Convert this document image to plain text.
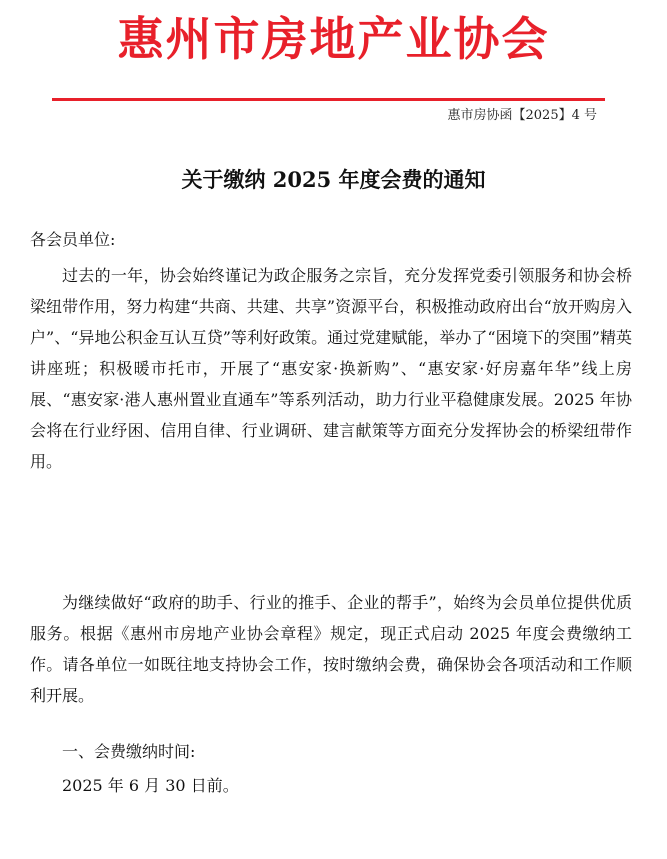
惠州市房地产业协会
惠市房协函【2025】4 号
关于缴纳 2025 年度会费的通知
各会员单位:

过去的一年，协会始终谨记为政企服务之宗旨，充分发挥党委引领服务和协会桥梁纽带作用，努力构建“共商、共建、共享”资源平台，积极推动政府出台“放开购房入户”、“异地公积金互认互贷”等利好政策。通过党建赋能，举办了“困境下的突围”精英讲座班；积极暖市托市，开展了“惠安家·换新购”、“惠安家·好房嘉年华”线上房展、“惠安家·港人惠州置业直通车”等系列活动，助力行业平稳健康发展。2025 年协会将在行业纾困、信用自律、行业调研、建言献策等方面充分发挥协会的桥梁纽带作用。

为继续做好“政府的助手、行业的推手、企业的帮手”，始终为会员单位提供优质服务。根据《惠州市房地产业协会章程》规定，现正式启动 2025 年度会费缴纳工作。请各单位一如既往地支持协会工作，按时缴纳会费，确保协会各项活动和工作顺利开展。

一、会费缴纳时间:
2025 年 6 月 30 日前。
